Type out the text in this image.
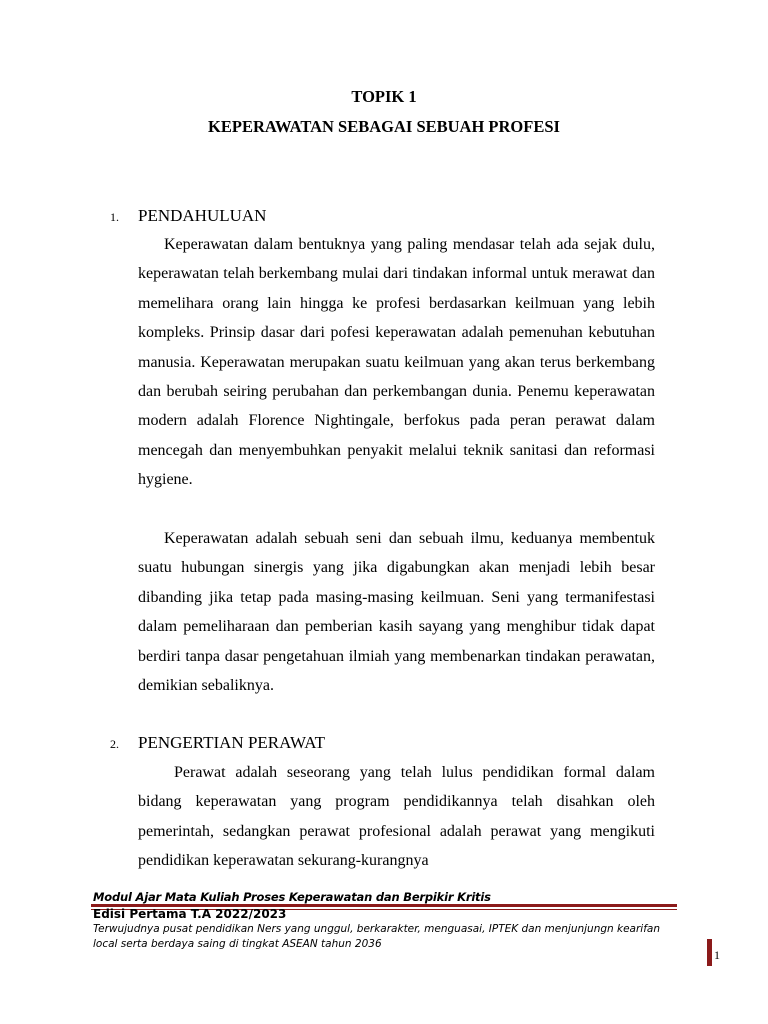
TOPIK 1
KEPERAWATAN SEBAGAI SEBUAH PROFESI
1. PENDAHULUAN

Keperawatan dalam bentuknya yang paling mendasar telah ada sejak dulu, keperawatan telah berkembang mulai dari tindakan informal untuk merawat dan memelihara orang lain hingga ke profesi berdasarkan keilmuan yang lebih kompleks. Prinsip dasar dari pofesi keperawatan adalah pemenuhan kebutuhan manusia. Keperawatan merupakan suatu keilmuan yang akan terus berkembang dan berubah seiring perubahan dan perkembangan dunia. Penemu keperawatan modern adalah Florence Nightingale, berfokus pada peran perawat dalam mencegah dan menyembuhkan penyakit melalui teknik sanitasi dan reformasi hygiene.

Keperawatan adalah sebuah seni dan sebuah ilmu, keduanya membentuk suatu hubungan sinergis yang jika digabungkan akan menjadi lebih besar dibanding jika tetap pada masing-masing keilmuan. Seni yang termanifestasi dalam pemeliharaan dan pemberian kasih sayang yang menghibur tidak dapat berdiri tanpa dasar pengetahuan ilmiah yang membenarkan tindakan perawatan, demikian sebaliknya.

2. PENGERTIAN PERAWAT

Perawat adalah seseorang yang telah lulus pendidikan formal dalam bidang keperawatan yang program pendidikannya telah disahkan oleh pemerintah, sedangkan perawat profesional adalah perawat yang mengikuti pendidikan keperawatan sekurang-kurangnya

Modul Ajar Mata Kuliah Proses Keperawatan dan Berpikir Kritis
Edisi Pertama T.A 2022/2023
Terwujudnya pusat pendidikan Ners yang unggul, berkarakter, menguasai, IPTEK dan menjunjungn kearifan local serta berdaya saing di tingkat ASEAN tahun 2036
1
